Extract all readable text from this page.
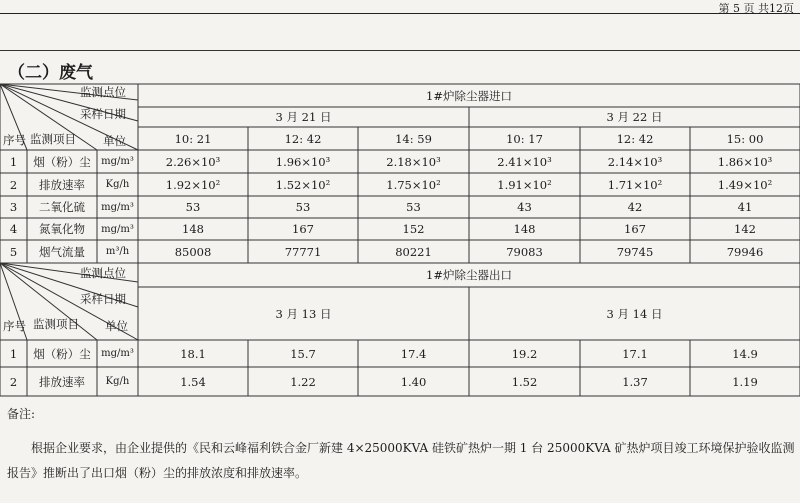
第 5 页 共12页
（二）废气
监测点位
采样日期
序号 监测项目 单位
1#炉除尘器进口
3 月 21 日	3 月 22 日
10: 21	12: 42	14: 59	10: 17	12: 42	15: 00
1	烟（粉）尘	mg/m³	2.26×10³	1.96×10³	2.18×10³	2.41×10³	2.14×10³	1.86×10³
2	排放速率	Kg/h	1.92×10²	1.52×10²	1.75×10²	1.91×10²	1.71×10²	1.49×10²
3	二氧化硫	mg/m³	53	53	53	43	42	41
4	氮氧化物	mg/m³	148	167	152	148	167	142
5	烟气流量	m³/h	85008	77771	80221	79083	79745	79946
监测点位
采样日期
序号 监测项目 单位
1#炉除尘器出口
3 月 13 日	3 月 14 日
1	烟（粉）尘	mg/m³	18.1	15.7	17.4	19.2	17.1	14.9
2	排放速率	Kg/h	1.54	1.22	1.40	1.52	1.37	1.19
备注:
根据企业要求，由企业提供的《民和云峰福利铁合金厂新建 4×25000KVA 硅铁矿热炉一期 1 台 25000KVA 矿热炉项目竣工环境保护验收监测报告》推断出了出口烟（粉）尘的排放浓度和排放速率。
